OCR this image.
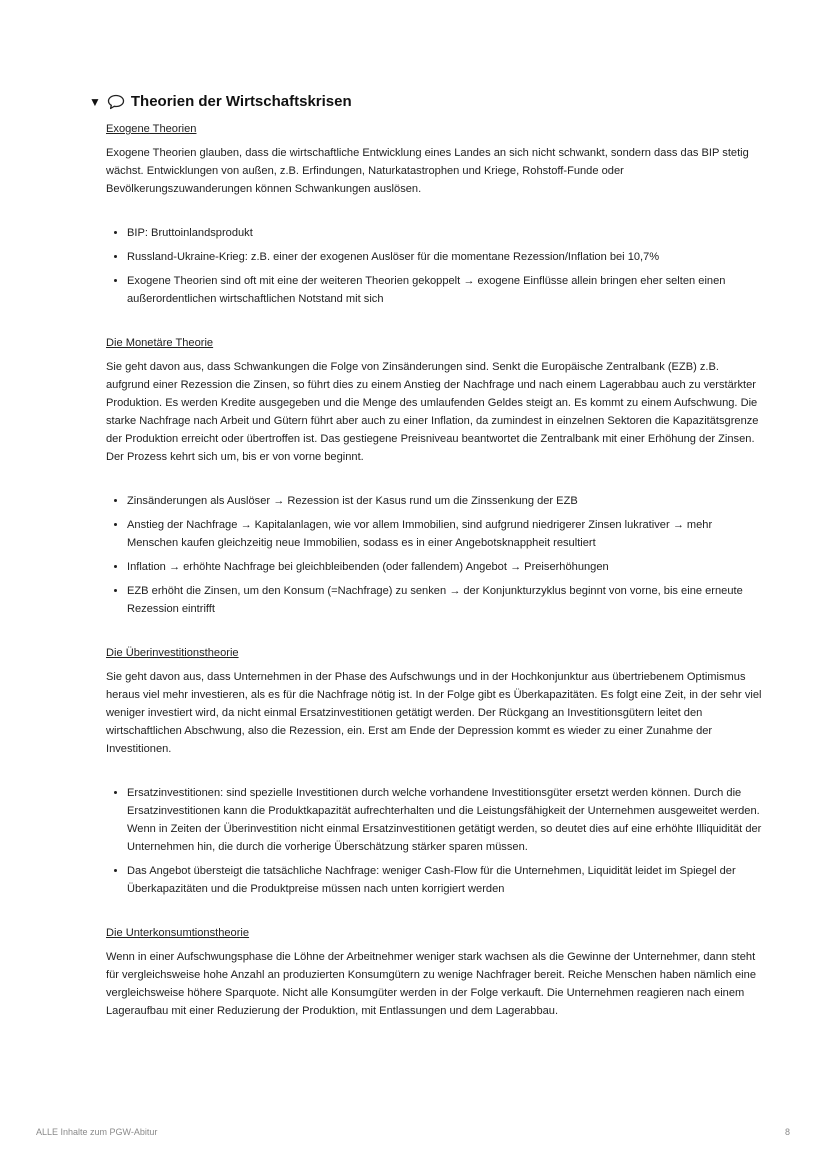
▼ Theorien der Wirtschaftskrisen
Exogene Theorien

Exogene Theorien glauben, dass die wirtschaftliche Entwicklung eines Landes an sich nicht schwankt, sondern dass das BIP stetig wächst. Entwicklungen von außen, z.B. Erfindungen, Naturkatastrophen und Kriege, Rohstoff-Funde oder Bevölkerungszuwanderungen können Schwankungen auslösen.

• BIP: Bruttoinlandsprodukt
• Russland-Ukraine-Krieg: z.B. einer der exogenen Auslöser für die momentane Rezession/Inflation bei 10,7%
• Exogene Theorien sind oft mit eine der weiteren Theorien gekoppelt → exogene Einflüsse allein bringen eher selten einen außerordentlichen wirtschaftlichen Notstand mit sich
Die Monetäre Theorie

Sie geht davon aus, dass Schwankungen die Folge von Zinsänderungen sind. Senkt die Europäische Zentralbank (EZB) z.B. aufgrund einer Rezession die Zinsen, so führt dies zu einem Anstieg der Nachfrage und nach einem Lagerabbau auch zu verstärkter Produktion. Es werden Kredite ausgegeben und die Menge des umlaufenden Geldes steigt an. Es kommt zu einem Aufschwung. Die starke Nachfrage nach Arbeit und Gütern führt aber auch zu einer Inflation, da zumindest in einzelnen Sektoren die Kapazitätsgrenze der Produktion erreicht oder übertroffen ist. Das gestiegene Preisniveau beantwortet die Zentralbank mit einer Erhöhung der Zinsen. Der Prozess kehrt sich um, bis er von vorne beginnt.

• Zinsänderungen als Auslöser → Rezession ist der Kasus rund um die Zinssenkung der EZB
• Anstieg der Nachfrage → Kapitalanlagen, wie vor allem Immobilien, sind aufgrund niedrigerer Zinsen lukrativer → mehr Menschen kaufen gleichzeitig neue Immobilien, sodass es in einer Angebotsknappheit resultiert
• Inflation → erhöhte Nachfrage bei gleichbleibenden (oder fallendem) Angebot → Preiserhöhungen
• EZB erhöht die Zinsen, um den Konsum (=Nachfrage) zu senken → der Konjunkturzyklus beginnt von vorne, bis eine erneute Rezession eintrifft
Die Überinvestitionstheorie

Sie geht davon aus, dass Unternehmen in der Phase des Aufschwungs und in der Hochkonjunktur aus übertriebenem Optimismus heraus viel mehr investieren, als es für die Nachfrage nötig ist. In der Folge gibt es Überkapazitäten. Es folgt eine Zeit, in der sehr viel weniger investiert wird, da nicht einmal Ersatzinvestitionen getätigt werden. Der Rückgang an Investitionsgütern leitet den wirtschaftlichen Abschwung, also die Rezession, ein. Erst am Ende der Depression kommt es wieder zu einer Zunahme der Investitionen.

• Ersatzinvestitionen: sind spezielle Investitionen durch welche vorhandene Investitionsgüter ersetzt werden können. Durch die Ersatzinvestitionen kann die Produktkapazität aufrechterhalten und die Leistungsfähigkeit der Unternehmen ausgeweitet werden. Wenn in Zeiten der Überinvestition nicht einmal Ersatzinvestitionen getätigt werden, so deutet dies auf eine erhöhte Illiquidität der Unternehmen hin, die durch die vorherige Überschätzung stärker sparen müssen.
• Das Angebot übersteigt die tatsächliche Nachfrage: weniger Cash-Flow für die Unternehmen, Liquidität leidet im Spiegel der Überkapazitäten und die Produktpreise müssen nach unten korrigiert werden
Die Unterkonsumtionstheorie

Wenn in einer Aufschwungsphase die Löhne der Arbeitnehmer weniger stark wachsen als die Gewinne der Unternehmer, dann steht für vergleichsweise hohe Anzahl an produzierten Konsumgütern zu wenige Nachfrager bereit. Reiche Menschen haben nämlich eine vergleichsweise höhere Sparquote. Nicht alle Konsumgüter werden in der Folge verkauft. Die Unternehmen reagieren nach einem Lageraufbau mit einer Reduzierung der Produktion, mit Entlassungen und dem Lagerabbau.

ALLE Inhalte zum PGW-Abitur	8
